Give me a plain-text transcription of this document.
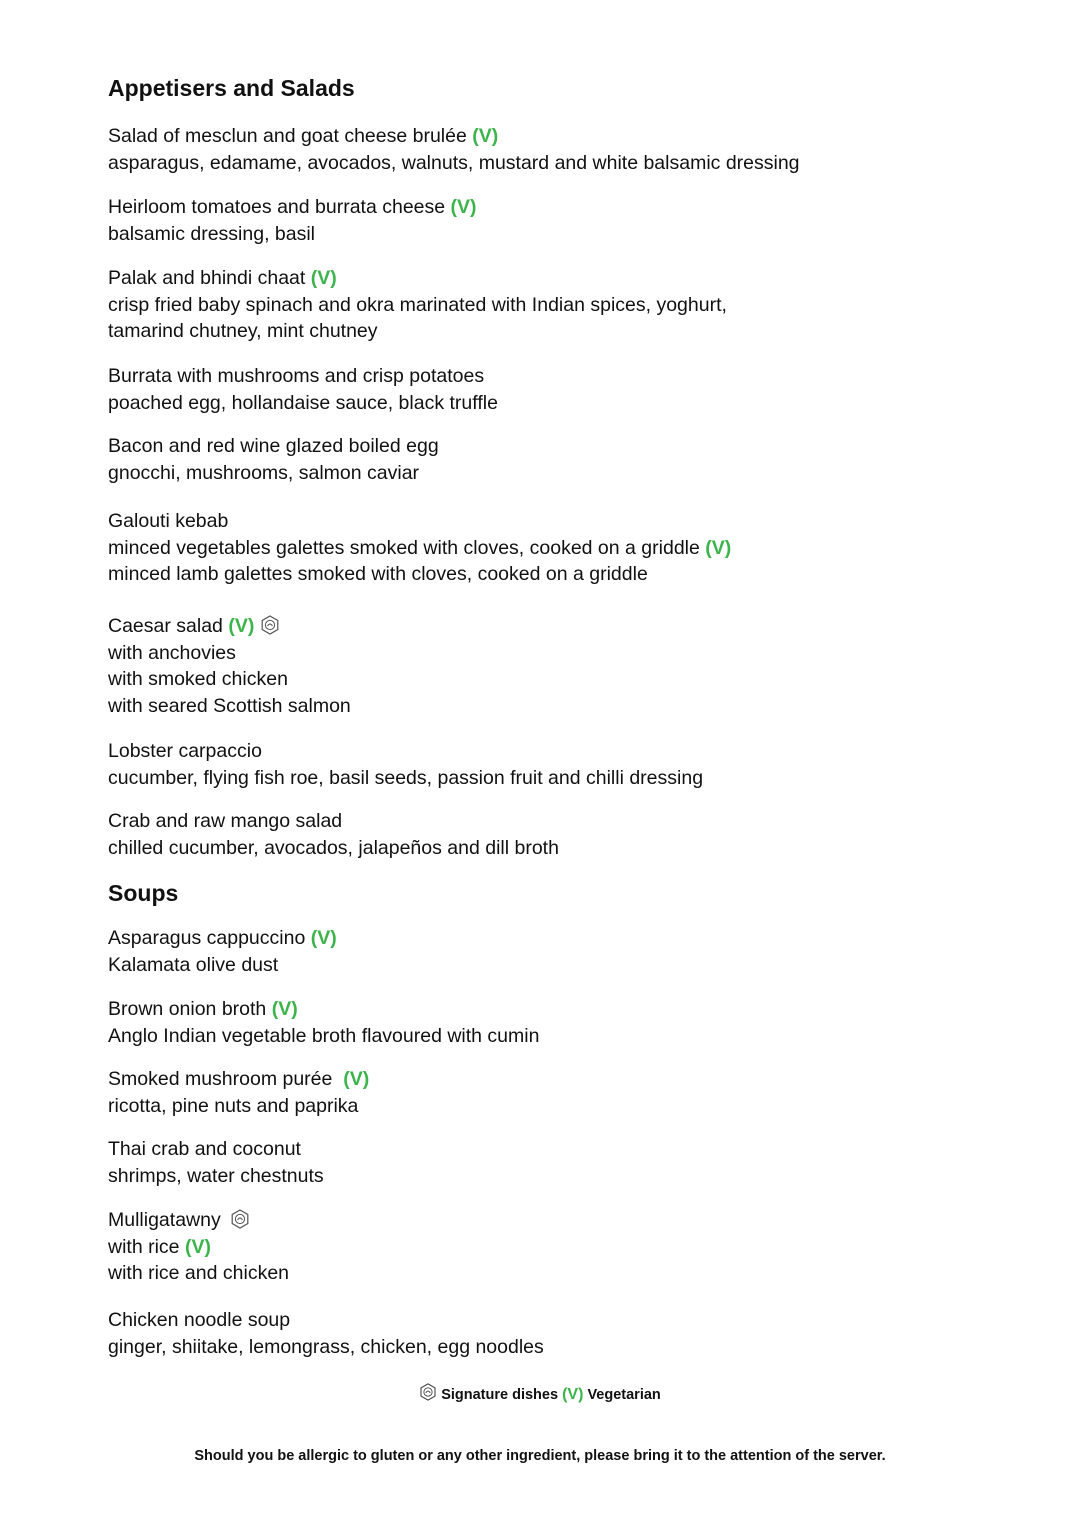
Appetisers and Salads
Salad of mesclun and goat cheese brulée (V)
asparagus, edamame, avocados, walnuts, mustard and white balsamic dressing
Heirloom tomatoes and burrata cheese (V)
balsamic dressing, basil
Palak and bhindi chaat (V)
crisp fried baby spinach and okra marinated with Indian spices, yoghurt,
tamarind chutney, mint chutney
Burrata with mushrooms and crisp potatoes
poached egg, hollandaise sauce, black truffle
Bacon and red wine glazed boiled egg
gnocchi, mushrooms, salmon caviar
Galouti kebab
minced vegetables galettes smoked with cloves, cooked on a griddle (V)
minced lamb galettes smoked with cloves, cooked on a griddle
Caesar salad (V)
with anchovies
with smoked chicken
with seared Scottish salmon
Lobster carpaccio
cucumber, flying fish roe, basil seeds, passion fruit and chilli dressing
Crab and raw mango salad
chilled cucumber, avocados, jalapeños and dill broth
Soups
Asparagus cappuccino (V)
Kalamata olive dust
Brown onion broth (V)
Anglo Indian vegetable broth flavoured with cumin
Smoked mushroom purée (V)
ricotta, pine nuts and paprika
Thai crab and coconut
shrimps, water chestnuts
Mulligatawny
with rice (V)
with rice and chicken
Chicken noodle soup
ginger, shiitake, lemongrass, chicken, egg noodles
Signature dishes (V) Vegetarian
Should you be allergic to gluten or any other ingredient, please bring it to the attention of the server.
